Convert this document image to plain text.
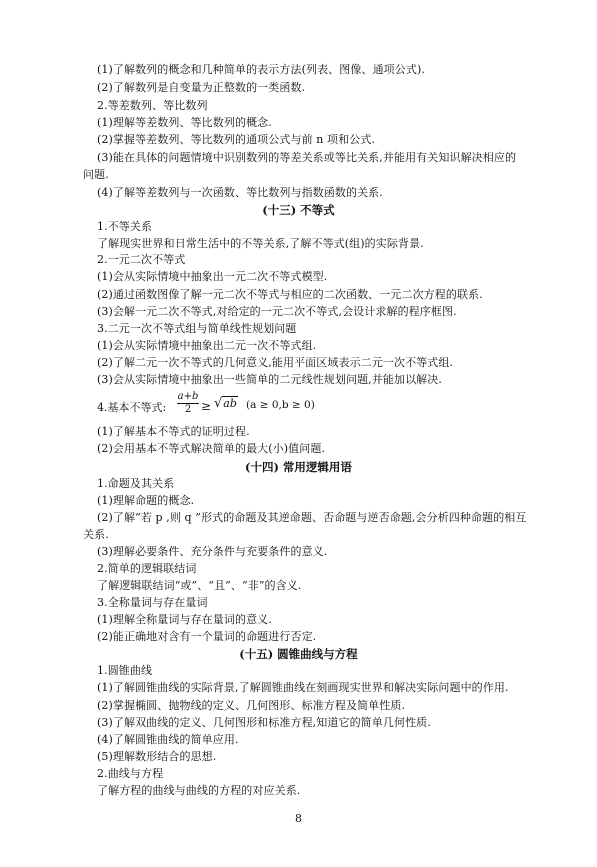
(1)了解数列的概念和几种简单的表示方法(列表、图像、通项公式).
(2)了解数列是自变量为正整数的一类函数.
2.等差数列、等比数列
(1)理解等差数列、等比数列的概念.
(2)掌握等差数列、等比数列的通项公式与前 n 项和公式.
(3)能在具体的问题情境中识别数列的等差关系或等比关系,并能用有关知识解决相应的
问题.
(4)了解等差数列与一次函数、等比数列与指数函数的关系.
(十三) 不等式
1.不等关系
了解现实世界和日常生活中的不等关系,了解不等式(组)的实际背景.
2.一元二次不等式
(1)会从实际情境中抽象出一元二次不等式模型.
(2)通过函数图像了解一元二次不等式与相应的二次函数、一元二次方程的联系.
(3)会解一元二次不等式,对给定的一元二次不等式,会设计求解的程序框图.
3.二元一次不等式组与简单线性规划问题
(1)会从实际情境中抽象出二元一次不等式组.
(2)了解二元一次不等式的几何意义,能用平面区域表示二元一次不等式组.
(3)会从实际情境中抽象出一些简单的二元线性规划问题,并能加以解决.
4.基本不等式: $\frac{a+b}{2} \ge √ab$ (a ≥ 0,b ≥ 0)
(1)了解基本不等式的证明过程.
(2)会用基本不等式解决简单的最大(小)值问题.
(十四) 常用逻辑用语
1.命题及其关系
(1)理解命题的概念.
(2)了解“若 p ,则 q ”形式的命题及其逆命题、否命题与逆否命题,会分析四种命题的相互
关系.
(3)理解必要条件、充分条件与充要条件的意义.
2.简单的逻辑联结词
了解逻辑联结词“或”、“且”、“非”的含义.
3.全称量词与存在量词
(1)理解全称量词与存在量词的意义.
(2)能正确地对含有一个量词的命题进行否定.
(十五) 圆锥曲线与方程
1.圆锥曲线
(1)了解圆锥曲线的实际背景,了解圆锥曲线在刻画现实世界和解决实际问题中的作用.
(2)掌握椭圆、抛物线的定义、几何图形、标准方程及简单性质.
(3)了解双曲线的定义、几何图形和标准方程,知道它的简单几何性质.
(4)了解圆锥曲线的简单应用.
(5)理解数形结合的思想.
2.曲线与方程
了解方程的曲线与曲线的方程的对应关系.
8
